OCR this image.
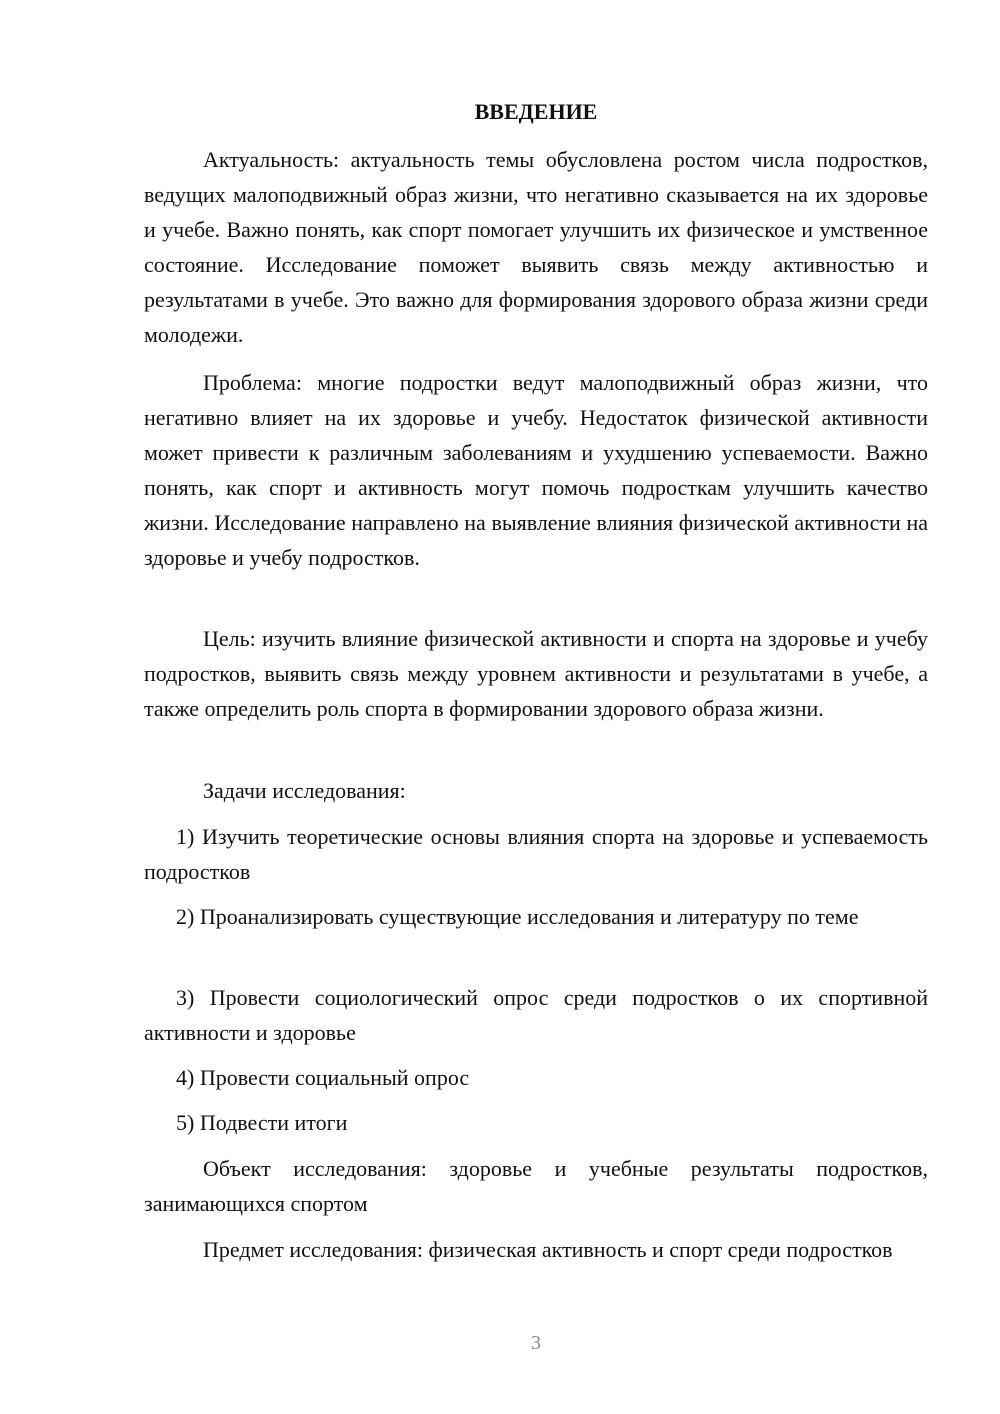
ВВЕДЕНИЕ

Актуальность: актуальность темы обусловлена ростом числа подростков, ведущих малоподвижный образ жизни, что негативно сказывается на их здоровье и учебе. Важно понять, как спорт помогает улучшить их физическое и умственное состояние. Исследование поможет выявить связь между активностью и результатами в учебе. Это важно для формирования здорового образа жизни среди молодежи.

Проблема: многие подростки ведут малоподвижный образ жизни, что негативно влияет на их здоровье и учебу. Недостаток физической активности может привести к различным заболеваниям и ухудшению успеваемости. Важно понять, как спорт и активность могут помочь подросткам улучшить качество жизни. Исследование направлено на выявление влияния физической активности на здоровье и учебу подростков.

Цель: изучить влияние физической активности и спорта на здоровье и учебу подростков, выявить связь между уровнем активности и результатами в учебе, а также определить роль спорта в формировании здорового образа жизни.

Задачи исследования:

1) Изучить теоретические основы влияния спорта на здоровье и успеваемость подростков

2) Проанализировать существующие исследования и литературу по теме

3) Провести социологический опрос среди подростков о их спортивной активности и здоровье

4) Провести социальный опрос

5) Подвести итоги

Объект исследования: здоровье и учебные результаты подростков, занимающихся спортом

Предмет исследования: физическая активность и спорт среди подростков

3
